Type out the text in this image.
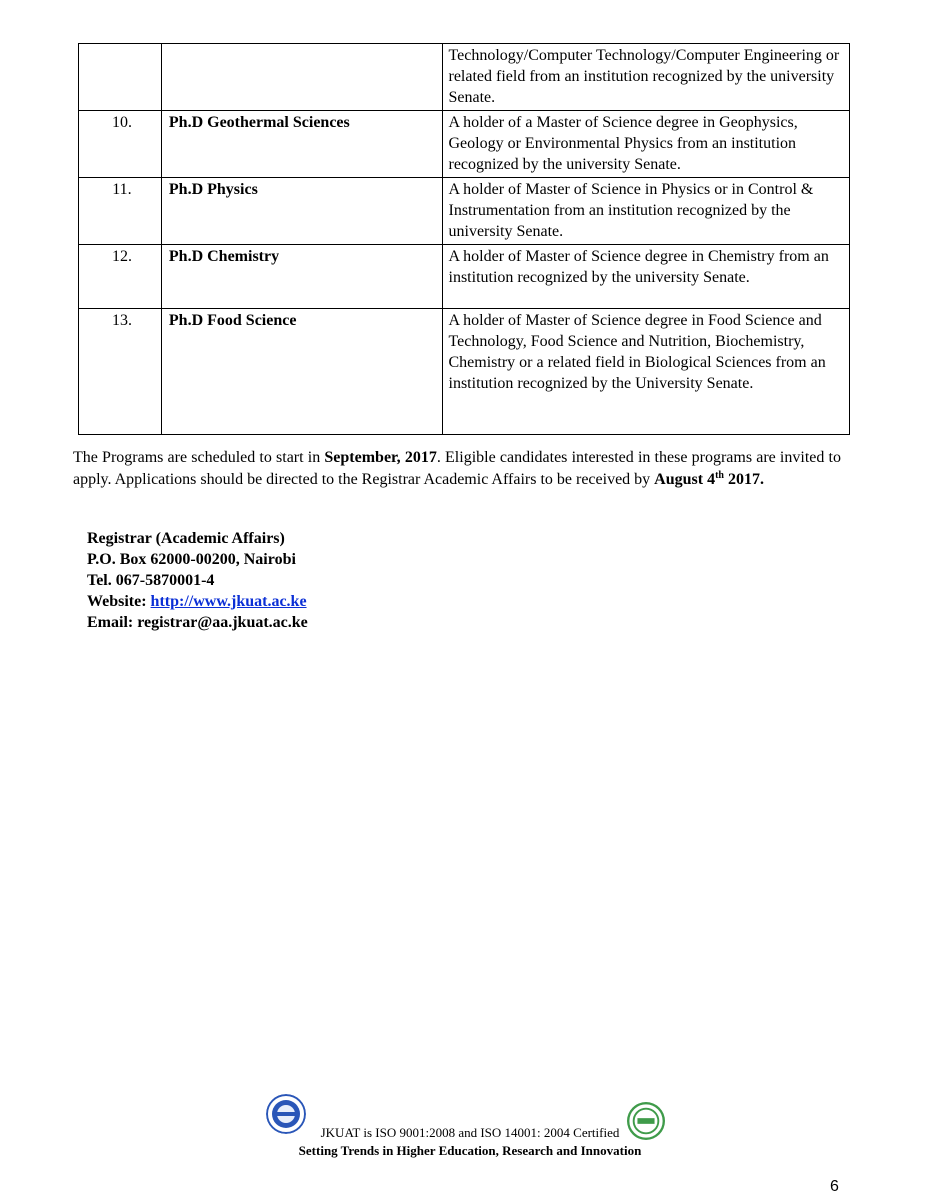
		Technology/Computer Technology/Computer Engineering or related field from an institution recognized by the university Senate.
10.	Ph.D Geothermal Sciences	A holder of a Master of Science degree in Geophysics, Geology or Environmental Physics from an institution recognized by the university Senate.
11.	Ph.D Physics	A holder of Master of Science in Physics or in Control & Instrumentation from an institution recognized by the university Senate.
12.	Ph.D Chemistry	A holder of Master of Science degree in Chemistry from an institution recognized by the university Senate.
13.	Ph.D Food Science	A holder of Master of Science degree in Food Science and Technology, Food Science and Nutrition, Biochemistry, Chemistry or a related field in Biological Sciences from an institution recognized by the University Senate.
The Programs are scheduled to start in September, 2017. Eligible candidates interested in these programs are invited to apply. Applications should be directed to the Registrar Academic Affairs to be received by August 4th 2017.
Registrar (Academic Affairs)
P.O. Box 62000-00200, Nairobi
Tel. 067-5870001-4
Website: http://www.jkuat.ac.ke
Email: registrar@aa.jkuat.ac.ke
JKUAT is ISO 9001:2008 and ISO 14001: 2004 Certified
Setting Trends in Higher Education, Research and Innovation
6
